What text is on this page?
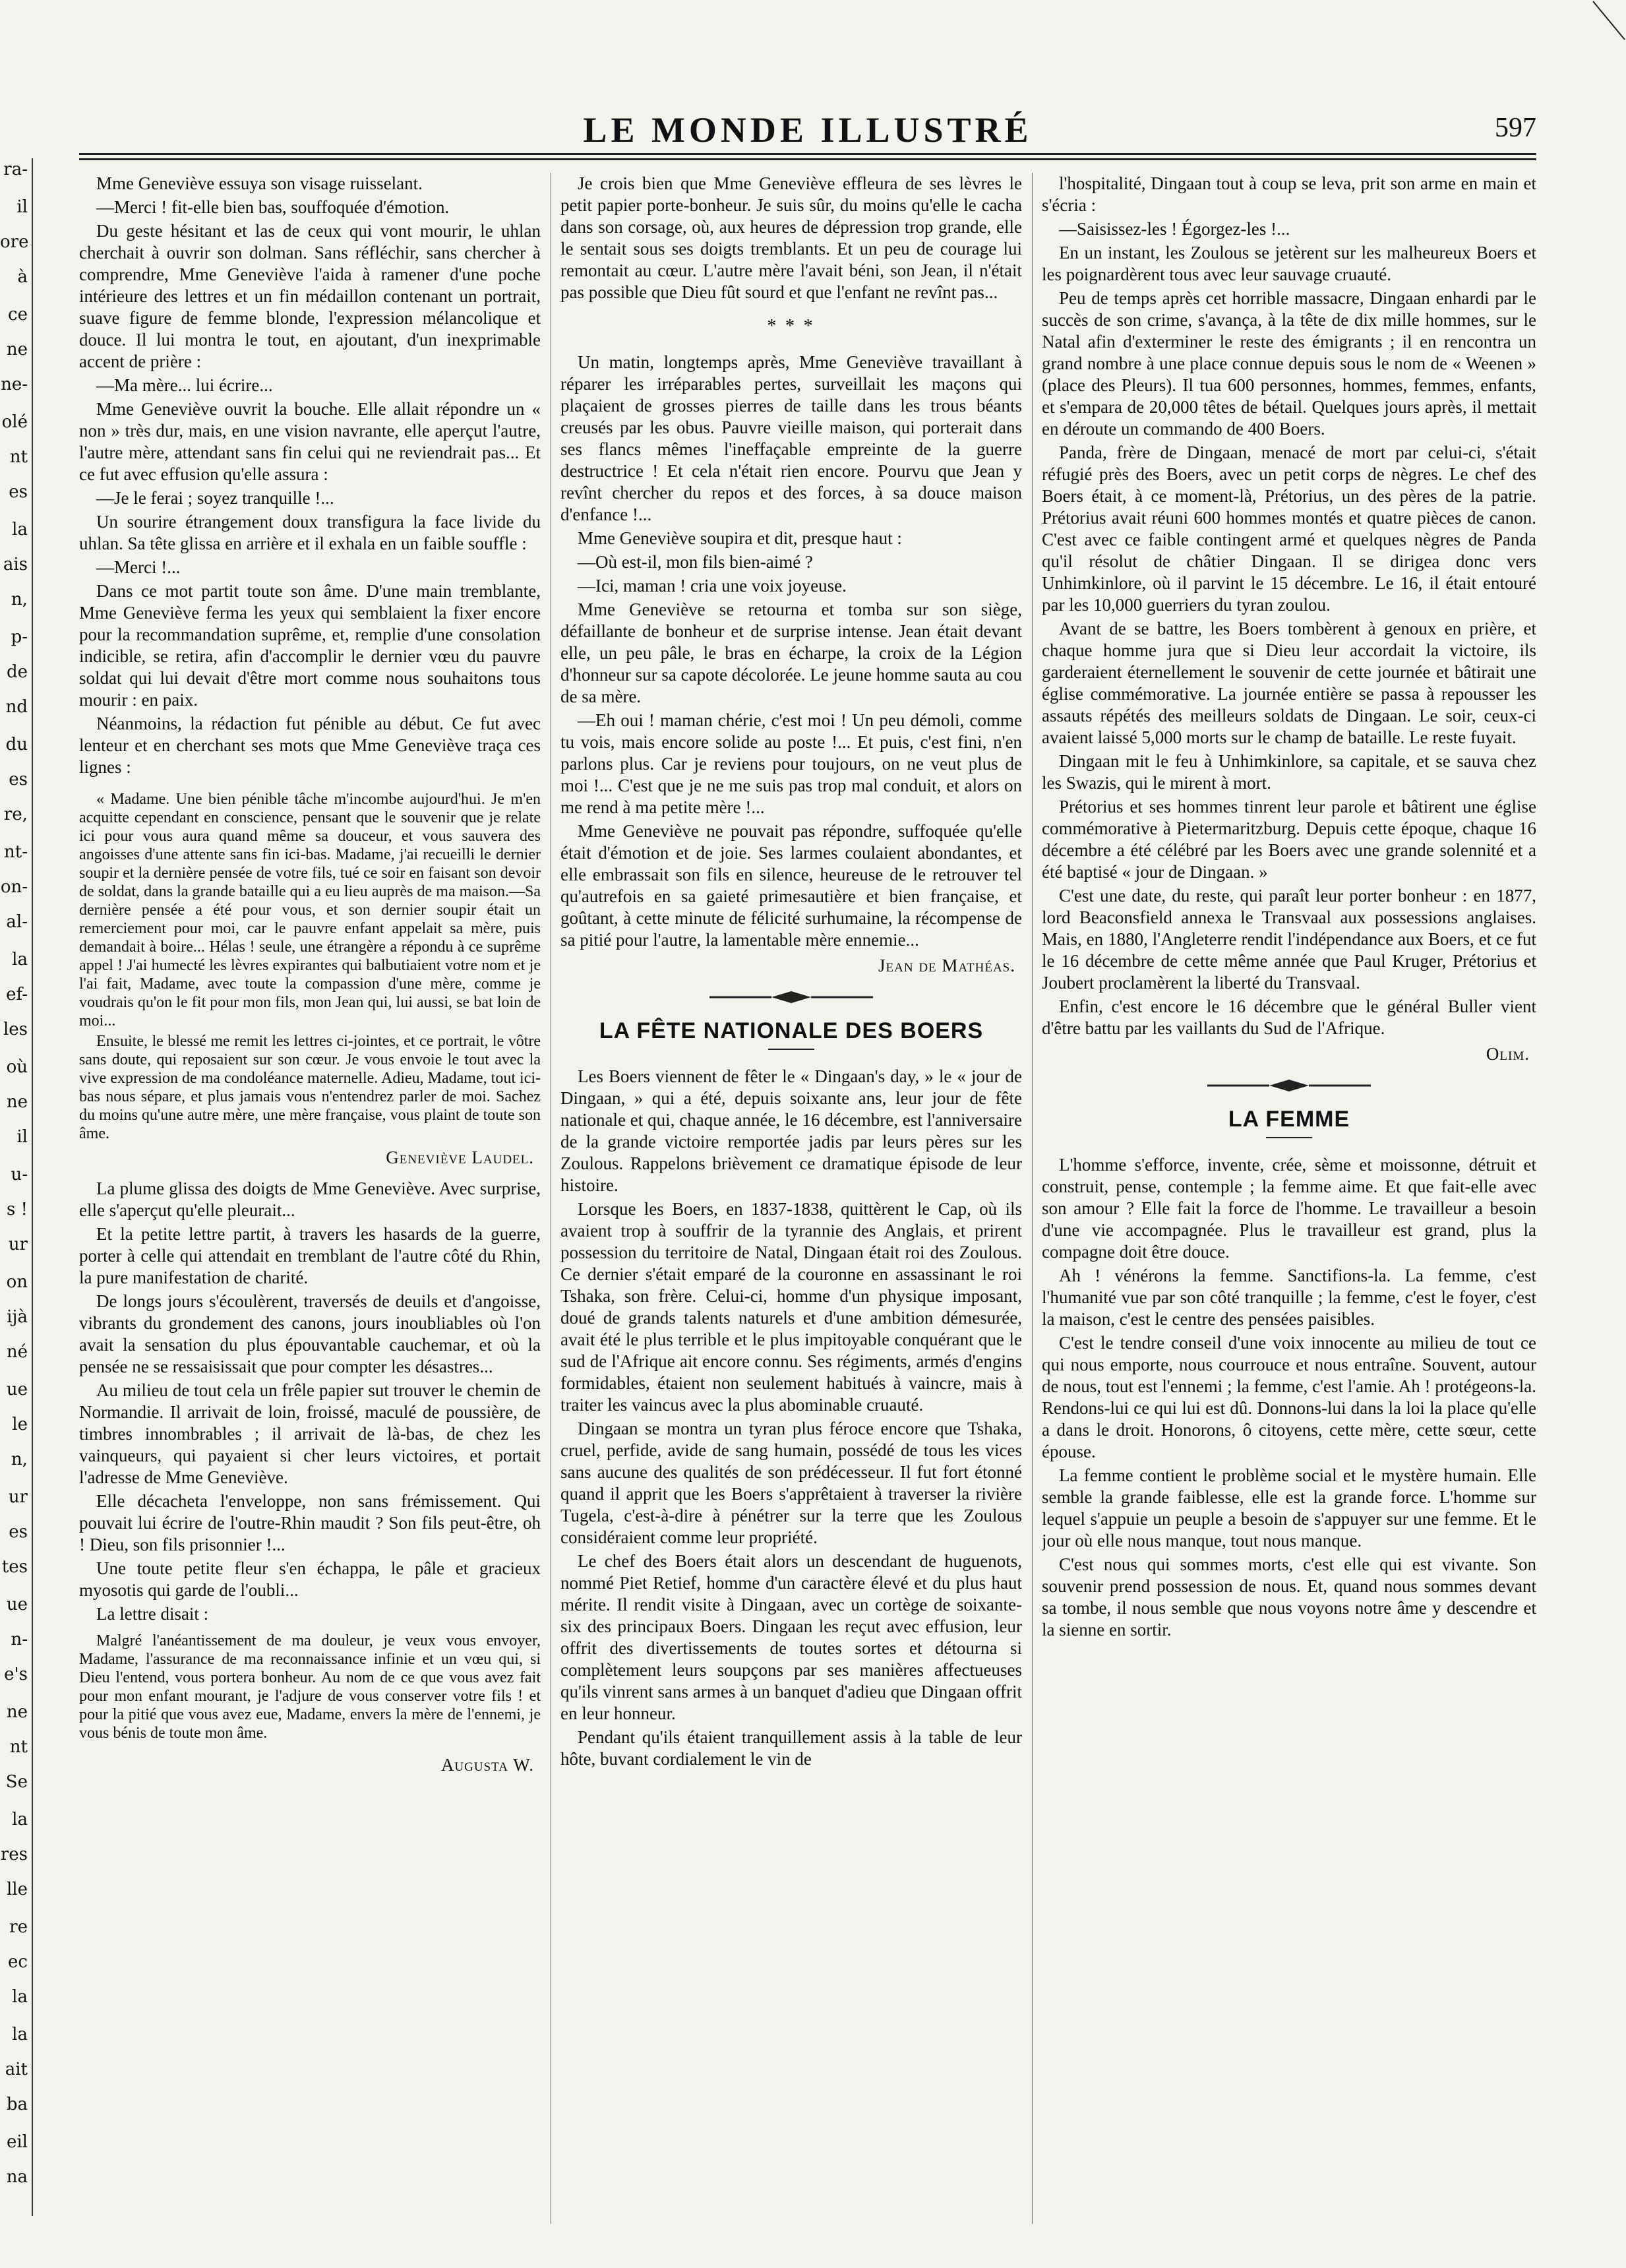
ra-
il
ore
à
ce
ne
ne-
olé
nt
es
la
ais
n,
p-
de
nd
du
es
re,
nt-
on-
al-
la
ef-
les
où
ne
il
u-
s !
ur
on
ijà
né
ue
le
n,
ur
es
tes
ue
n-
e's
ne
nt
Se
la
res
lle
re
ec
la
la
ait
ba
eil
na
LE MONDE ILLUSTRÉ	597

Mme Geneviève essuya son visage ruisselant.

—Merci ! fit-elle bien bas, souffoquée d'émotion.

Du geste hésitant et las de ceux qui vont mourir, le uhlan cherchait à ouvrir son dolman. Sans réfléchir, sans chercher à comprendre, Mme Geneviève l'aida à ramener d'une poche intérieure des lettres et un fin médaillon contenant un portrait, suave figure de femme blonde, l'expression mélancolique et douce. Il lui montra le tout, en ajoutant, d'un inexprimable accent de prière :

—Ma mère... lui écrire...

Mme Geneviève ouvrit la bouche. Elle allait répondre un « non » très dur, mais, en une vision navrante, elle aperçut l'autre, l'autre mère, attendant sans fin celui qui ne reviendrait pas... Et ce fut avec effusion qu'elle assura :

—Je le ferai ; soyez tranquille !...

Un sourire étrangement doux transfigura la face livide du uhlan. Sa tête glissa en arrière et il exhala en un faible souffle :

—Merci !...

Dans ce mot partit toute son âme. D'une main tremblante, Mme Geneviève ferma les yeux qui semblaient la fixer encore pour la recommandation suprême, et, remplie d'une consolation indicible, se retira, afin d'accomplir le dernier vœu du pauvre soldat qui lui devait d'être mort comme nous souhaitons tous mourir : en paix.

Néanmoins, la rédaction fut pénible au début. Ce fut avec lenteur et en cherchant ses mots que Mme Geneviève traça ces lignes :

« Madame. Une bien pénible tâche m'incombe aujourd'hui. Je m'en acquitte cependant en conscience, pensant que le souvenir que je relate ici pour vous aura quand même sa douceur, et vous sauvera des angoisses d'une attente sans fin ici-bas. Madame, j'ai recueilli le dernier soupir et la dernière pensée de votre fils, tué ce soir en faisant son devoir de soldat, dans la grande bataille qui a eu lieu auprès de ma maison.—Sa dernière pensée a été pour vous, et son dernier soupir était un remerciement pour moi, car le pauvre enfant appelait sa mère, puis demandait à boire... Hélas ! seule, une étrangère a répondu à ce suprême appel ! J'ai humecté les lèvres expirantes qui balbutiaient votre nom et je l'ai fait, Madame, avec toute la compassion d'une mère, comme je voudrais qu'on le fit pour mon fils, mon Jean qui, lui aussi, se bat loin de moi...

Ensuite, le blessé me remit les lettres ci-jointes, et ce portrait, le vôtre sans doute, qui reposaient sur son cœur. Je vous envoie le tout avec la vive expression de ma condoléance maternelle. Adieu, Madame, tout ici-bas nous sépare, et plus jamais vous n'entendrez parler de moi. Sachez du moins qu'une autre mère, une mère française, vous plaint de toute son âme.

Geneviève Laudel.

La plume glissa des doigts de Mme Geneviève. Avec surprise, elle s'aperçut qu'elle pleurait...

Et la petite lettre partit, à travers les hasards de la guerre, porter à celle qui attendait en tremblant de l'autre côté du Rhin, la pure manifestation de charité.

De longs jours s'écoulèrent, traversés de deuils et d'angoisse, vibrants du grondement des canons, jours inoubliables où l'on avait la sensation du plus épouvantable cauchemar, et où la pensée ne se ressaisissait que pour compter les désastres...

Au milieu de tout cela un frêle papier sut trouver le chemin de Normandie. Il arrivait de loin, froissé, maculé de poussière, de timbres innombrables ; il arrivait de là-bas, de chez les vainqueurs, qui payaient si cher leurs victoires, et portait l'adresse de Mme Geneviève.

Elle décacheta l'enveloppe, non sans frémissement. Qui pouvait lui écrire de l'outre-Rhin maudit ? Son fils peut-être, oh ! Dieu, son fils prisonnier !...

Une toute petite fleur s'en échappa, le pâle et gracieux myosotis qui garde de l'oubli...

La lettre disait :

Malgré l'anéantissement de ma douleur, je veux vous envoyer, Madame, l'assurance de ma reconnaissance infinie et un vœu qui, si Dieu l'entend, vous portera bonheur. Au nom de ce que vous avez fait pour mon enfant mourant, je l'adjure de vous conserver votre fils ! et pour la pitié que vous avez eue, Madame, envers la mère de l'ennemi, je vous bénis de toute mon âme.

Augusta W.

Je crois bien que Mme Geneviève effleura de ses lèvres le petit papier porte-bonheur. Je suis sûr, du moins qu'elle le cacha dans son corsage, où, aux heures de dépression trop grande, elle le sentait sous ses doigts tremblants. Et un peu de courage lui remontait au cœur. L'autre mère l'avait béni, son Jean, il n'était pas possible que Dieu fût sourd et que l'enfant ne revînt pas...

* * *

Un matin, longtemps après, Mme Geneviève travaillant à réparer les irréparables pertes, surveillait les maçons qui plaçaient de grosses pierres de taille dans les trous béants creusés par les obus. Pauvre vieille maison, qui porterait dans ses flancs mêmes l'ineffaçable empreinte de la guerre destructrice ! Et cela n'était rien encore. Pourvu que Jean y revînt chercher du repos et des forces, à sa douce maison d'enfance !...

Mme Geneviève soupira et dit, presque haut :

—Où est-il, mon fils bien-aimé ?

—Ici, maman ! cria une voix joyeuse.

Mme Geneviève se retourna et tomba sur son siège, défaillante de bonheur et de surprise intense. Jean était devant elle, un peu pâle, le bras en écharpe, la croix de la Légion d'honneur sur sa capote décolorée. Le jeune homme sauta au cou de sa mère.

—Eh oui ! maman chérie, c'est moi ! Un peu démoli, comme tu vois, mais encore solide au poste !... Et puis, c'est fini, n'en parlons plus. Car je reviens pour toujours, on ne veut plus de moi !... C'est que je ne me suis pas trop mal conduit, et alors on me rend à ma petite mère !...

Mme Geneviève ne pouvait pas répondre, suffoquée qu'elle était d'émotion et de joie. Ses larmes coulaient abondantes, et elle embrassait son fils en silence, heureuse de le retrouver tel qu'autrefois en sa gaieté primesautière et bien française, et goûtant, à cette minute de félicité surhumaine, la récompense de sa pitié pour l'autre, la lamentable mère ennemie...

Jean de Mathéas.
LA FÊTE NATIONALE DES BOERS

Les Boers viennent de fêter le « Dingaan's day, » le « jour de Dingaan, » qui a été, depuis soixante ans, leur jour de fête nationale et qui, chaque année, le 16 décembre, est l'anniversaire de la grande victoire remportée jadis par leurs pères sur les Zoulous. Rappelons brièvement ce dramatique épisode de leur histoire.

Lorsque les Boers, en 1837-1838, quittèrent le Cap, où ils avaient trop à souffrir de la tyrannie des Anglais, et prirent possession du territoire de Natal, Dingaan était roi des Zoulous. Ce dernier s'était emparé de la couronne en assassinant le roi Tshaka, son frère. Celui-ci, homme d'un physique imposant, doué de grands talents naturels et d'une ambition démesurée, avait été le plus terrible et le plus impitoyable conquérant que le sud de l'Afrique ait encore connu. Ses régiments, armés d'engins formidables, étaient non seulement habitués à vaincre, mais à traiter les vaincus avec la plus abominable cruauté.

Dingaan se montra un tyran plus féroce encore que Tshaka, cruel, perfide, avide de sang humain, possédé de tous les vices sans aucune des qualités de son prédécesseur. Il fut fort étonné quand il apprit que les Boers s'apprêtaient à traverser la rivière Tugela, c'est-à-dire à pénétrer sur la terre que les Zoulous considéraient comme leur propriété.

Le chef des Boers était alors un descendant de huguenots, nommé Piet Retief, homme d'un caractère élevé et du plus haut mérite. Il rendit visite à Dingaan, avec un cortège de soixante-six des principaux Boers. Dingaan les reçut avec effusion, leur offrit des divertissements de toutes sortes et détourna si complètement leurs soupçons par ses manières affectueuses qu'ils vinrent sans armes à un banquet d'adieu que Dingaan offrit en leur honneur.

Pendant qu'ils étaient tranquillement assis à la table de leur hôte, buvant cordialement le vin de

l'hospitalité, Dingaan tout à coup se leva, prit son arme en main et s'écria :

—Saisissez-les ! Égorgez-les !...

En un instant, les Zoulous se jetèrent sur les malheureux Boers et les poignardèrent tous avec leur sauvage cruauté.

Peu de temps après cet horrible massacre, Dingaan enhardi par le succès de son crime, s'avança, à la tête de dix mille hommes, sur le Natal afin d'exterminer le reste des émigrants ; il en rencontra un grand nombre à une place connue depuis sous le nom de « Weenen » (place des Pleurs). Il tua 600 personnes, hommes, femmes, enfants, et s'empara de 20,000 têtes de bétail. Quelques jours après, il mettait en déroute un commando de 400 Boers.

Panda, frère de Dingaan, menacé de mort par celui-ci, s'était réfugié près des Boers, avec un petit corps de nègres. Le chef des Boers était, à ce moment-là, Prétorius, un des pères de la patrie. Prétorius avait réuni 600 hommes montés et quatre pièces de canon. C'est avec ce faible contingent armé et quelques nègres de Panda qu'il résolut de châtier Dingaan. Il se dirigea donc vers Unhimkinlore, où il parvint le 15 décembre. Le 16, il était entouré par les 10,000 guerriers du tyran zoulou.

Avant de se battre, les Boers tombèrent à genoux en prière, et chaque homme jura que si Dieu leur accordait la victoire, ils garderaient éternellement le souvenir de cette journée et bâtirait une église commémorative. La journée entière se passa à repousser les assauts répétés des meilleurs soldats de Dingaan. Le soir, ceux-ci avaient laissé 5,000 morts sur le champ de bataille. Le reste fuyait.

Dingaan mit le feu à Unhimkinlore, sa capitale, et se sauva chez les Swazis, qui le mirent à mort.

Prétorius et ses hommes tinrent leur parole et bâtirent une église commémorative à Pietermaritzburg. Depuis cette époque, chaque 16 décembre a été célébré par les Boers avec une grande solennité et a été baptisé « jour de Dingaan. »

C'est une date, du reste, qui paraît leur porter bonheur : en 1877, lord Beaconsfield annexa le Transvaal aux possessions anglaises. Mais, en 1880, l'Angleterre rendit l'indépendance aux Boers, et ce fut le 16 décembre de cette même année que Paul Kruger, Prétorius et Joubert proclamèrent la liberté du Transvaal.

Enfin, c'est encore le 16 décembre que le général Buller vient d'être battu par les vaillants du Sud de l'Afrique.

Olim.
LA FEMME

L'homme s'efforce, invente, crée, sème et moissonne, détruit et construit, pense, contemple ; la femme aime. Et que fait-elle avec son amour ? Elle fait la force de l'homme. Le travailleur a besoin d'une vie accompagnée. Plus le travailleur est grand, plus la compagne doit être douce.

Ah ! vénérons la femme. Sanctifions-la. La femme, c'est l'humanité vue par son côté tranquille ; la femme, c'est le foyer, c'est la maison, c'est le centre des pensées paisibles.

C'est le tendre conseil d'une voix innocente au milieu de tout ce qui nous emporte, nous courrouce et nous entraîne. Souvent, autour de nous, tout est l'ennemi ; la femme, c'est l'amie. Ah ! protégeons-la. Rendons-lui ce qui lui est dû. Donnons-lui dans la loi la place qu'elle a dans le droit. Honorons, ô citoyens, cette mère, cette sœur, cette épouse.

La femme contient le problème social et le mystère humain. Elle semble la grande faiblesse, elle est la grande force. L'homme sur lequel s'appuie un peuple a besoin de s'appuyer sur une femme. Et le jour où elle nous manque, tout nous manque.

C'est nous qui sommes morts, c'est elle qui est vivante. Son souvenir prend possession de nous. Et, quand nous sommes devant sa tombe, il nous semble que nous voyons notre âme y descendre et la sienne en sortir.
